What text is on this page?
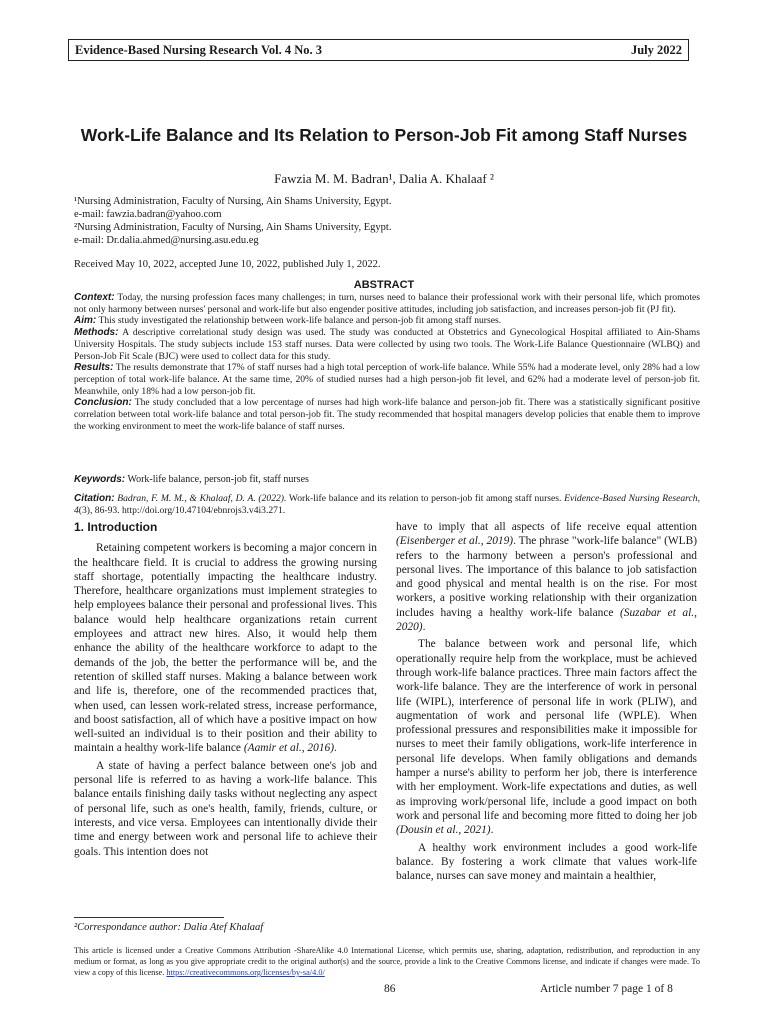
Evidence-Based Nursing Research Vol. 4 No. 3	July 2022
Work-Life Balance and Its Relation to Person-Job Fit among Staff Nurses
Fawzia M. M. Badran¹, Dalia A. Khalaaf ²
¹Nursing Administration, Faculty of Nursing, Ain Shams University, Egypt.
e-mail: fawzia.badran@yahoo.com
²Nursing Administration, Faculty of Nursing, Ain Shams University, Egypt.
e-mail: Dr.dalia.ahmed@nursing.asu.edu.eg
Received May 10, 2022, accepted June 10, 2022, published July 1, 2022.
ABSTRACT

Context: Today, the nursing profession faces many challenges; in turn, nurses need to balance their professional work with their personal life, which promotes not only harmony between nurses' personal and work-life but also engender positive attitudes, including job satisfaction, and increases person-job fit (PJ fit).

Aim: This study investigated the relationship between work-life balance and person-job fit among staff nurses.

Methods: A descriptive correlational study design was used. The study was conducted at Obstetrics and Gynecological Hospital affiliated to Ain-Shams University Hospitals. The study subjects include 153 staff nurses. Data were collected by using two tools. The Work-Life Balance Questionnaire (WLBQ) and Person-Job Fit Scale (BJC) were used to collect data for this study.

Results: The results demonstrate that 17% of staff nurses had a high total perception of work-life balance. While 55% had a moderate level, only 28% had a low perception of total work-life balance. At the same time, 20% of studied nurses had a high person-job fit level, and 62% had a moderate level of person-job fit. Meanwhile, only 18% had a low person-job fit.

Conclusion: The study concluded that a low percentage of nurses had high work-life balance and person-job fit. There was a statistically significant positive correlation between total work-life balance and total person-job fit. The study recommended that hospital managers develop policies that enable them to improve the working environment to meet the work-life balance of staff nurses.

Keywords: Work-life balance, person-job fit, staff nurses
Citation: Badran, F. M. M., & Khalaaf, D. A. (2022). Work-life balance and its relation to person-job fit among staff nurses. Evidence-Based Nursing Research, 4(3), 86-93. http://doi.org/10.47104/ebnrojs3.v4i3.271.

1. Introduction

Retaining competent workers is becoming a major concern in the healthcare field. It is crucial to address the growing nursing staff shortage, potentially impacting the healthcare industry. Therefore, healthcare organizations must implement strategies to help employees balance their personal and professional lives. This balance would help healthcare organizations retain current employees and attract new hires. Also, it would help them enhance the ability of the healthcare workforce to adapt to the demands of the job, the better the performance will be, and the retention of skilled staff nurses. Making a balance between work and life is, therefore, one of the recommended practices that, when used, can lessen work-related stress, increase performance, and boost satisfaction, all of which have a positive impact on how well-suited an individual is to their position and their ability to maintain a healthy work-life balance (Aamir et al., 2016).

A state of having a perfect balance between one's job and personal life is referred to as having a work-life balance. This balance entails finishing daily tasks without neglecting any aspect of personal life, such as one's health, family, friends, culture, or interests, and vice versa. Employees can intentionally divide their time and energy between work and personal life to achieve their goals. This intention does not

have to imply that all aspects of life receive equal attention (Eisenberger et al., 2019). The phrase "work-life balance" (WLB) refers to the harmony between a person's professional and personal lives. The importance of this balance to job satisfaction and good physical and mental health is on the rise. For most workers, a positive working relationship with their organization includes having a healthy work-life balance (Suzabar et al., 2020).

The balance between work and personal life, which operationally require help from the workplace, must be achieved through work-life balance practices. Three main factors affect the work-life balance. They are the interference of work in personal life (WIPL), interference of personal life in work (PLIW), and augmentation of work and personal life (WPLE). When professional pressures and responsibilities make it impossible for nurses to meet their family obligations, work-life interference in personal life develops. When family obligations and demands hamper a nurse's ability to perform her job, there is interference with her employment. Work-life expectations and duties, as well as improving work/personal life, include a good impact on both work and personal life and becoming more fitted to doing her job (Dousin et al., 2021).

A healthy work environment includes a good work-life balance. By fostering a work climate that values work-life balance, nurses can save money and maintain a healthier,

²Correspondance author: Dalia Atef Khalaaf
This article is licensed under a Creative Commons Attribution -ShareAlike 4.0 International License, which permits use, sharing, adaptation, redistribution, and reproduction in any medium or format, as long as you give appropriate credit to the original author(s) and the source, provide a link to the Creative Commons license, and indicate if changes were made. To view a copy of this license. https://creativecommons.org/licenses/by-sa/4.0/
86	Article number 7 page 1 of 8
